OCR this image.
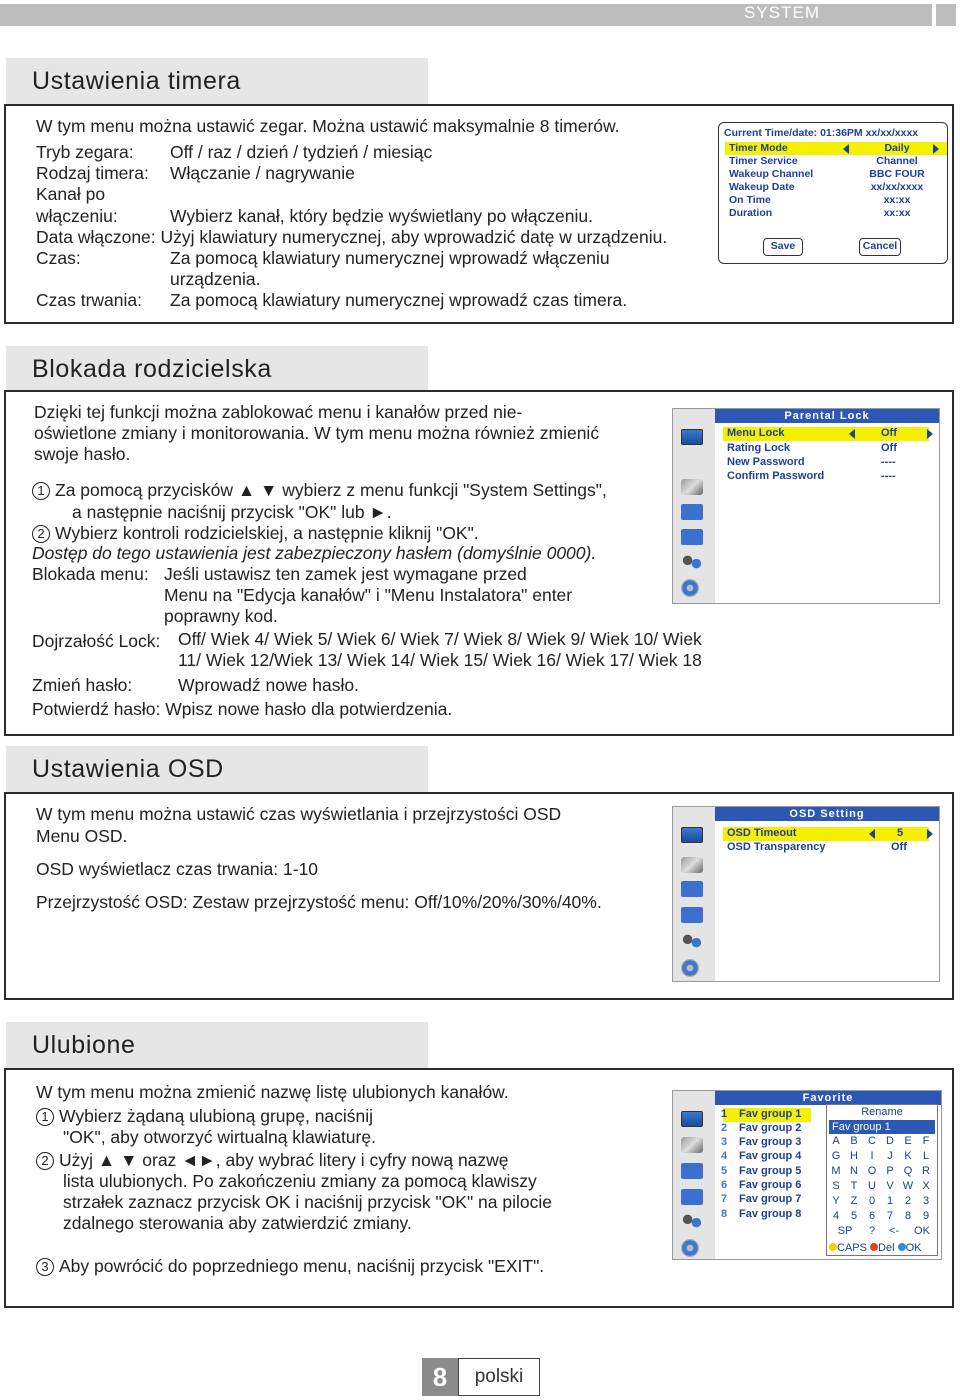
SYSTEM
Ustawienia timera
W tym menu można ustawić zegar. Można ustawić maksymalnie 8 timerów.
Tryb zegara: Off / raz / dzień / tydzień / miesiąc
Rodzaj timera: Włączanie / nagrywanie
Kanał po
włączeniu:	Wybierz kanał, który będzie wyświetlany po włączeniu.
Data włączone: Użyj klawiatury numerycznej, aby wprowadzić datę w urządzeniu.
Czas:	Za pomocą klawiatury numerycznej wprowadź włączeniu
urządzenia.
Czas trwania: Za pomocą klawiatury numerycznej wprowadź czas timera.
Current Time/date: 01:36PM xx/xx/xxxx
Timer Mode	Daily
Timer Service	Channel
Wakeup Channel	BBC FOUR
Wakeup Date	xx/xx/xxxx
On Time	xx:xx
Duration	xx:xx
Save	Cancel
Blokada rodzicielska
Dzięki tej funkcji można zablokować menu i kanałów przed nie-
oświetlone zmiany i monitorowania. W tym menu można również zmienić
swoje hasło.
1 Za pomocą przycisków ▲ ▼ wybierz z menu funkcji "System Settings",
a następnie naciśnij przycisk "OK" lub ►.
2 Wybierz kontroli rodzicielskiej, a następnie kliknij "OK".
Dostęp do tego ustawienia jest zabezpieczony hasłem (domyślnie 0000).
Blokada menu: Jeśli ustawisz ten zamek jest wymagane przed
Menu na "Edycja kanałów" i "Menu Instalatora" enter
poprawny kod.
Dojrzałość Lock: Off/ Wiek 4/ Wiek 5/ Wiek 6/ Wiek 7/ Wiek 8/ Wiek 9/ Wiek 10/ Wiek
11/ Wiek 12/Wiek 13/ Wiek 14/ Wiek 15/ Wiek 16/ Wiek 17/ Wiek 18
Zmień hasło:	Wprowadź nowe hasło.
Potwierdź hasło: Wpisz nowe hasło dla potwierdzenia.
Parental Lock
Menu Lock	Off
Rating Lock	Off
New Password	----
Confirm Password	----
Ustawienia OSD
W tym menu można ustawić czas wyświetlania i przejrzystości OSD
Menu OSD.
OSD wyświetlacz czas trwania: 1-10
Przejrzystość OSD: Zestaw przejrzystość menu: Off/10%/20%/30%/40%.
OSD Setting
OSD Timeout	5
OSD Transparency	Off
Ulubione
W tym menu można zmienić nazwę listę ulubionych kanałów.
1 Wybierz żądaną ulubioną grupę, naciśnij
"OK", aby otworzyć wirtualną klawiaturę.
2 Użyj ▲ ▼ oraz ◄►, aby wybrać litery i cyfry nową nazwę
lista ulubionych. Po zakończeniu zmiany za pomocą klawiszy
strzałek zaznacz przycisk OK i naciśnij przycisk "OK" na pilocie
zdalnego sterowania aby zatwierdzić zmiany.
3 Aby powrócić do poprzedniego menu, naciśnij przycisk "EXIT".
Favorite
1 Fav group 1
2 Fav group 2
3 Fav group 3
4 Fav group 4
5 Fav group 5
6 Fav group 6
7 Fav group 7
8 Fav group 8
Rename
Fav group 1
A B C D E F
G H	I	J	K	L
M N O P Q R
S T U V W X
Y Z	0	1	2	3
4	5	6	7	8	9
SP	?	<-	OK
CAPS Del OK
8	polski
